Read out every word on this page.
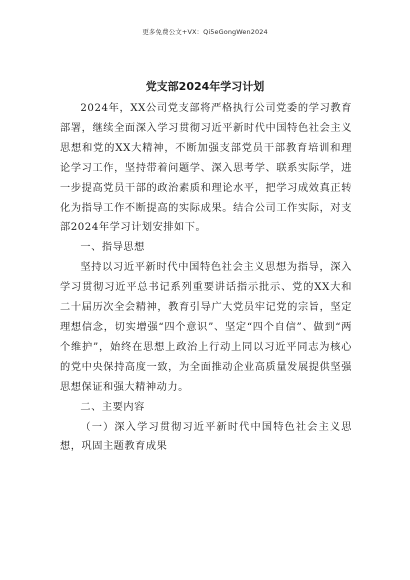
更多免费公文+VX：Qi5eGongWen2024
党支部2024年学习计划

2024年，XX公司党支部将严格执行公司党委的学习教育部署，继续全面深入学习贯彻习近平新时代中国特色社会主义思想和党的XX大精神，不断加强支部党员干部教育培训和理论学习工作，坚持带着问题学、深入思考学、联系实际学，进一步提高党员干部的政治素质和理论水平，把学习成效真正转化为指导工作不断提高的实际成果。结合公司工作实际，对支部2024年学习计划安排如下。

一、指导思想

坚持以习近平新时代中国特色社会主义思想为指导，深入学习贯彻习近平总书记系列重要讲话指示批示、党的XX大和二十届历次全会精神，教育引导广大党员牢记党的宗旨，坚定理想信念，切实增强“四个意识”、坚定“四个自信”、做到“两个维护”，始终在思想上政治上行动上同以习近平同志为核心的党中央保持高度一致，为全面推动企业高质量发展提供坚强思想保证和强大精神动力。

二、主要内容

（一）深入学习贯彻习近平新时代中国特色社会主义思想，巩固主题教育成果
